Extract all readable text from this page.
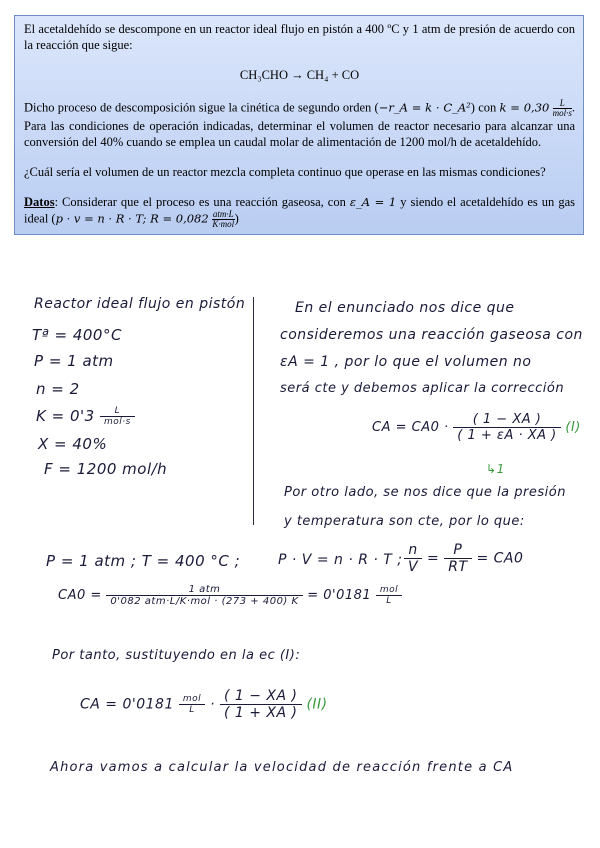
El acetaldehído se descompone en un reactor ideal flujo en pistón a 400 ºC y 1 atm de presión de acuerdo con la reacción que sigue:

CH₃CHO → CH₄ + CO

Dicho proceso de descomposición sigue la cinética de segundo orden (−r_A = k · C_A²) con $k = 0,30 \frac{L}{\text{mol·s}}$ . Para las condiciones de operación indicadas, determinar el volumen de reactor necesario para alcanzar una conversión del 40% cuando se emplea un caudal molar de alimentación de 1200 mol/h de acetaldehído.

¿Cuál sería el volumen de un reactor mezcla completa continuo que operase en las mismas condiciones?

Datos: Considerar que el proceso es una reacción gaseosa, con ε_A = 1 y siendo el acetaldehído es un gas ideal (p · v = n · R · T; $R = 0,082 \frac{\text{atm·L}}{\text{K·mol}}$ )

Reactor ideal flujo en pistón
Tª = 400°C
P = 1 atm
n = 2
$K = 0'3 \frac{L}{\text{mol·s}}$
X = 40%
F = 1200 mol/h
En el enunciado nos dice que
consideremos una reacción gaseosa con
εA = 1 , por lo que el volumen no
será cte y debemos aplicar la corrección
CA = $CA0 \cdot \frac{( 1 - XA )}{( 1 + \varepsilon A \cdot XA )} (I)$
↳1
Por otro lado, se nos dice que la presión
y temperatura son cte, por lo que:
P = 1 atm ; T = 400 °C ;	P · V = n · R · T ; $\frac{n}{V} = \frac{P}{RT} = CA0$
$CA0 = \frac{\text{1 atm}}{\text{0'082 atm·L/K·mol · (273 + 400) K}} = 0'0181 \frac{\text{mol}}{L}$
Por tanto, sustituyendo en la ec (I):
CA = $0'0181 \frac{\text{mol}}{L} \cdot \frac{( 1 - XA )}{( 1 + XA )} (II)$
Ahora vamos a calcular la velocidad de reacción frente a CA
